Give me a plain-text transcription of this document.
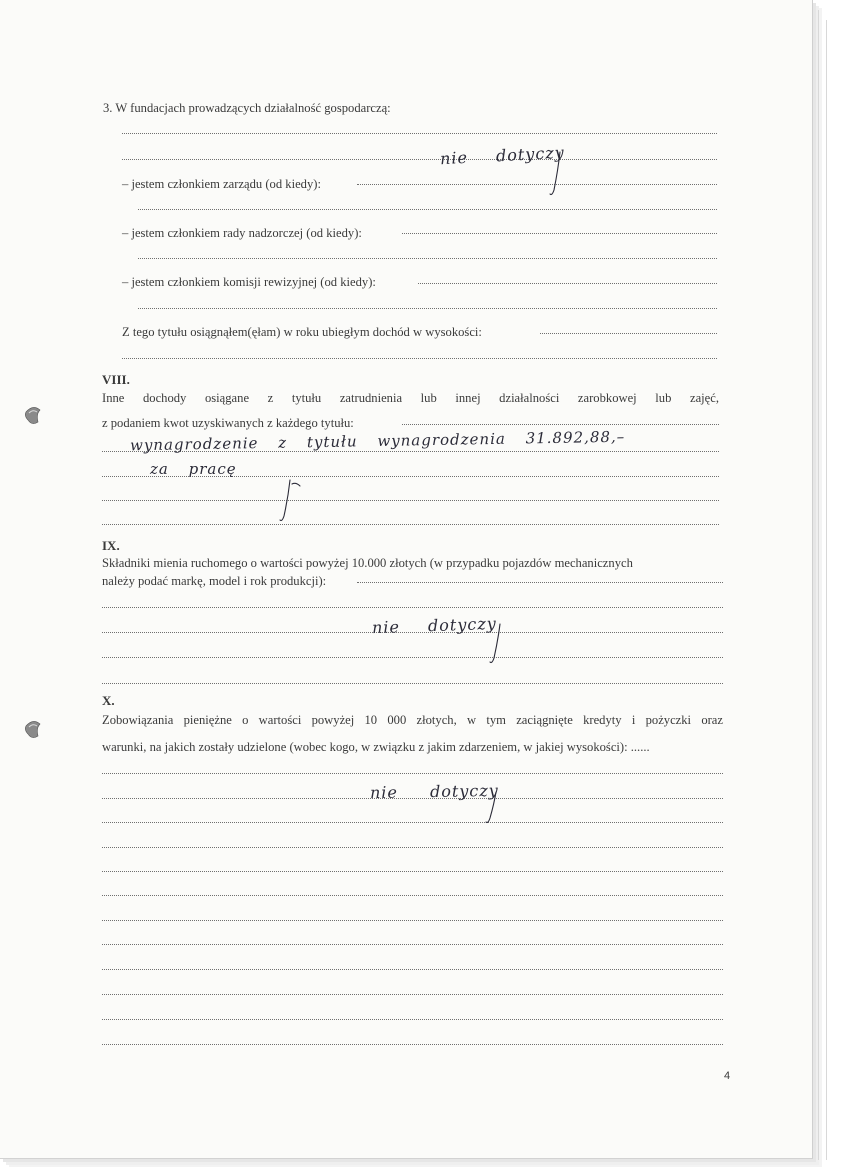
3. W fundacjach prowadzących działalność gospodarczą:
– jestem członkiem zarządu (od kiedy):
– jestem członkiem rady nadzorczej (od kiedy):
– jestem członkiem komisji rewizyjnej (od kiedy):
Z tego tytułu osiągnąłem(ęłam) w roku ubiegłym dochód w wysokości:
nie dotyczy
VIII.
Inne dochody osiągane z tytułu zatrudnienia lub innej działalności zarobkowej lub zajęć,
z podaniem kwot uzyskiwanych z każdego tytułu:
wynagrodzenie z tytułu wynagrodzenia 31.892,88,–
za pracę
IX.
Składniki mienia ruchomego o wartości powyżej 10.000 złotych (w przypadku pojazdów mechanicznych
należy podać markę, model i rok produkcji):
nie dotyczy
X.
Zobowiązania pieniężne o wartości powyżej 10 000 złotych, w tym zaciągnięte kredyty i pożyczki oraz
warunki, na jakich zostały udzielone (wobec kogo, w związku z jakim zdarzeniem, w jakiej wysokości): ......
nie dotyczy
4
